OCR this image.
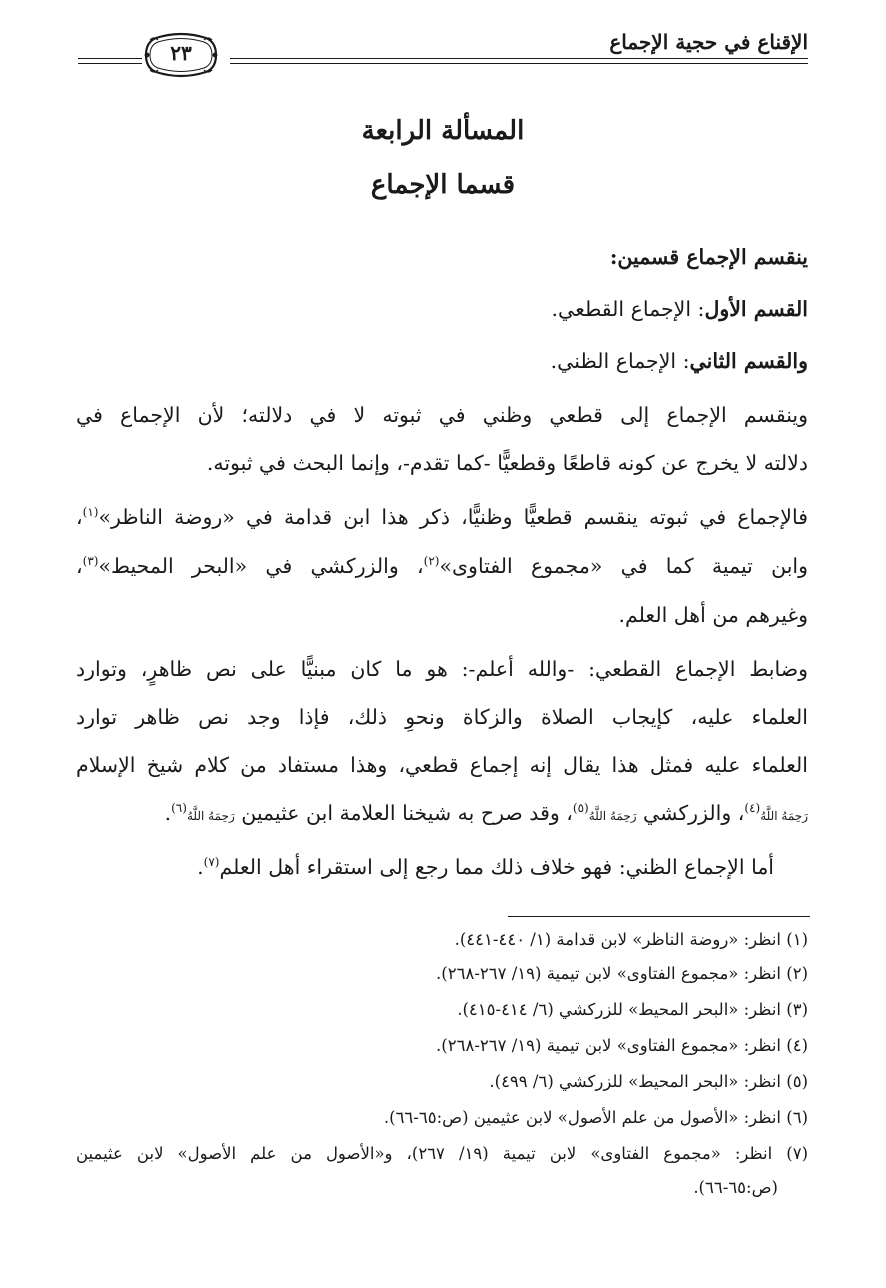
الإقناع في حجية الإجماع
٢٣
المسألة الرابعة
قسما الإجماع
ينقسم الإجماع قسمين:
القسم الأول: الإجماع القطعي.
والقسم الثاني: الإجماع الظني.
وينقسم الإجماع إلى قطعي وظني في ثبوته لا في دلالته؛ لأن الإجماع في
دلالته لا يخرج عن كونه قاطعًا وقطعيًّا -كما تقدم-، وإنما البحث في ثبوته.
فالإجماع في ثبوته ينقسم قطعيًّا وظنيًّا، ذكر هذا ابن قدامة في «روضة الناظر»$^{(١)}$،
وابن تيمية كما في «مجموع الفتاوى»$^{(٢)}$، والزركشي في «البحر المحيط»$^{(٣)}$،
وغيرهم من أهل العلم.
وضابط الإجماع القطعي: -والله أعلم-: هو ما كان مبنيًّا على نص ظاهرٍ، وتوارد
العلماء عليه، كإيجاب الصلاة والزكاة ونحوِ ذلك، فإذا وجد نص ظاهر توارد
العلماء عليه فمثل هذا يقال إنه إجماع قطعي، وهذا مستفاد من كلام شيخ الإسلام
رَحِمَهُ اللَّهُ$^{(٤)}$، والزركشي رَحِمَهُ اللَّهُ$^{(٥)}$، وقد صرح به شيخنا العلامة ابن عثيمين رَحِمَهُ اللَّهُ$^{(٦)}$.
أما الإجماع الظني: فهو خلاف ذلك مما رجع إلى استقراء أهل العلم$^{(٧)}$.
(١) انظر: «روضة الناظر» لابن قدامة (١/ ٤٤٠-٤٤١).
(٢) انظر: «مجموع الفتاوى» لابن تيمية (١٩/ ٢٦٧-٢٦٨).
(٣) انظر: «البحر المحيط» للزركشي (٦/ ٤١٤-٤١٥).
(٤) انظر: «مجموع الفتاوى» لابن تيمية (١٩/ ٢٦٧-٢٦٨).
(٥) انظر: «البحر المحيط» للزركشي (٦/ ٤٩٩).
(٦) انظر: «الأصول من علم الأصول» لابن عثيمين (ص:٦٥-٦٦).
(٧) انظر: «مجموع الفتاوى» لابن تيمية (١٩/ ٢٦٧)، و«الأصول من علم الأصول» لابن عثيمين
(ص:٦٥-٦٦).
